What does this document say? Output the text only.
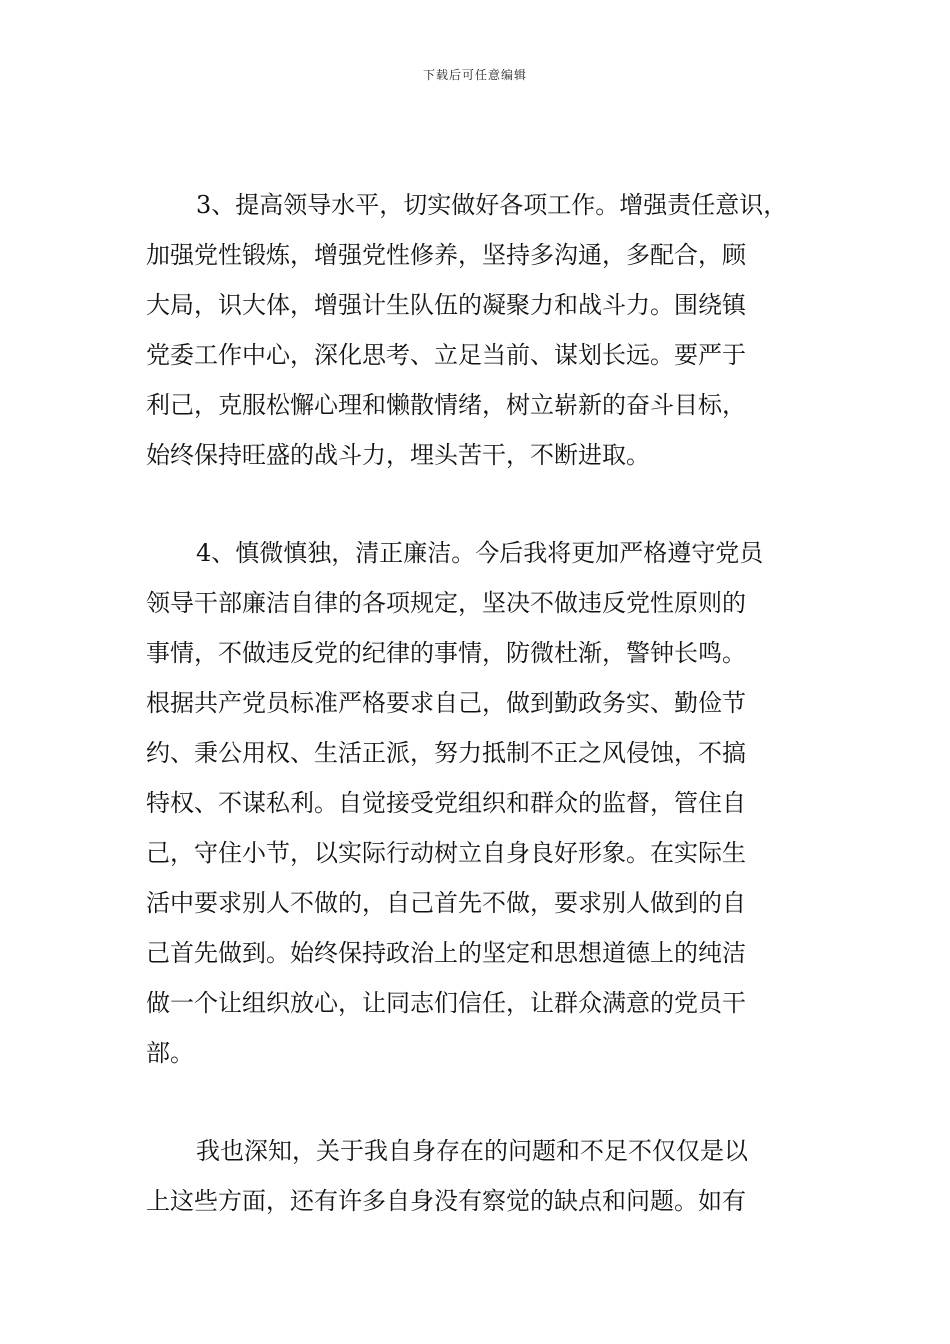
下载后可任意编辑
3、提高领导水平，切实做好各项工作。增强责任意识，
加强党性锻炼，增强党性修养，坚持多沟通，多配合，顾
大局，识大体，增强计生队伍的凝聚力和战斗力。围绕镇
党委工作中心，深化思考、立足当前、谋划长远。要严于
利己，克服松懈心理和懒散情绪，树立崭新的奋斗目标，
始终保持旺盛的战斗力，埋头苦干，不断进取。
4、慎微慎独，清正廉洁。今后我将更加严格遵守党员
领导干部廉洁自律的各项规定，坚决不做违反党性原则的
事情，不做违反党的纪律的事情，防微杜渐，警钟长鸣。
根据共产党员标准严格要求自己，做到勤政务实、勤俭节
约、秉公用权、生活正派，努力抵制不正之风侵蚀，不搞
特权、不谋私利。自觉接受党组织和群众的监督，管住自
己，守住小节，以实际行动树立自身良好形象。在实际生
活中要求别人不做的，自己首先不做，要求别人做到的自
己首先做到。始终保持政治上的坚定和思想道德上的纯洁
做一个让组织放心，让同志们信任，让群众满意的党员干
部。
我也深知，关于我自身存在的问题和不足不仅仅是以
上这些方面，还有许多自身没有察觉的缺点和问题。如有
